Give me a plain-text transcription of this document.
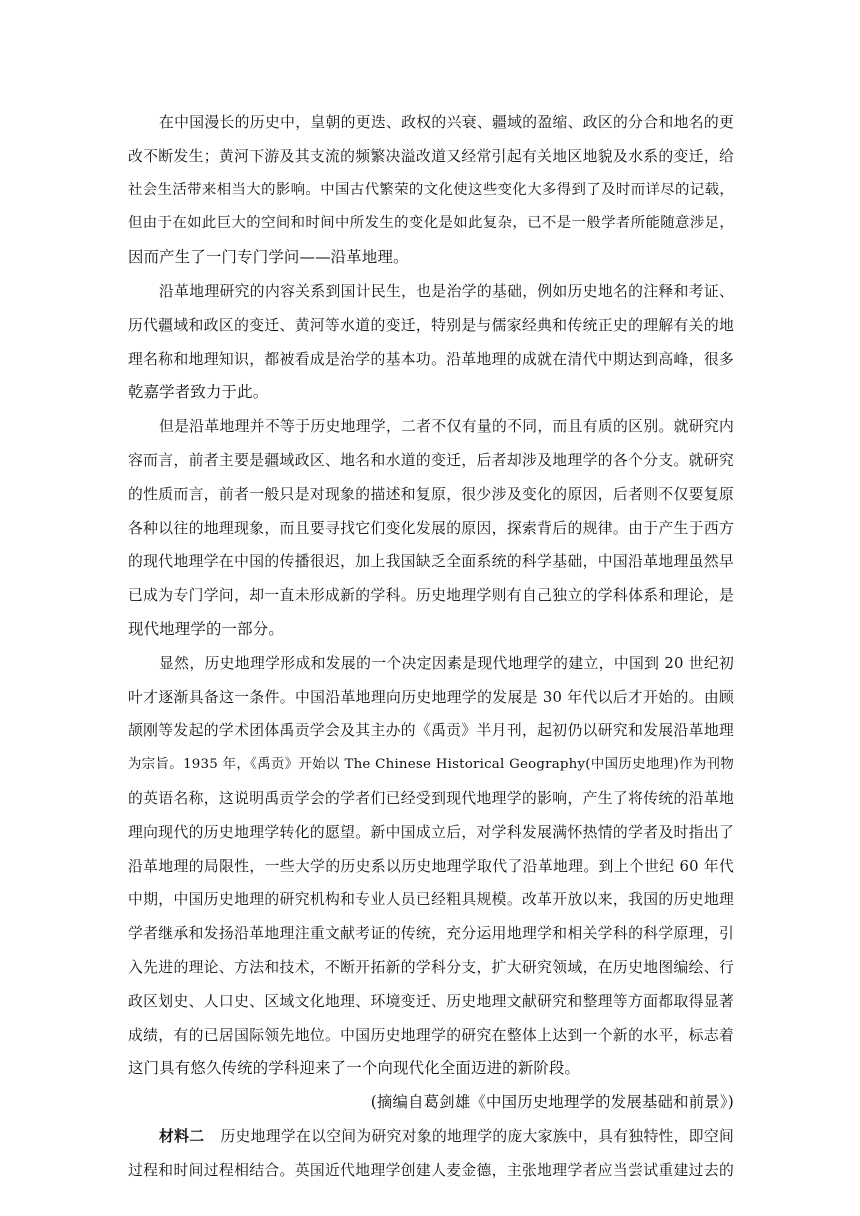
在中国漫长的历史中，皇朝的更迭、政权的兴衰、疆域的盈缩、政区的分合和地名的更
改不断发生；黄河下游及其支流的频繁决溢改道又经常引起有关地区地貌及水系的变迁，给
社会生活带来相当大的影响。中国古代繁荣的文化使这些变化大多得到了及时而详尽的记载，
但由于在如此巨大的空间和时间中所发生的变化是如此复杂，已不是一般学者所能随意涉足，
因而产生了一门专门学问——沿革地理。
沿革地理研究的内容关系到国计民生，也是治学的基础，例如历史地名的注释和考证、
历代疆域和政区的变迁、黄河等水道的变迁，特别是与儒家经典和传统正史的理解有关的地
理名称和地理知识，都被看成是治学的基本功。沿革地理的成就在清代中期达到高峰，很多
乾嘉学者致力于此。
但是沿革地理并不等于历史地理学，二者不仅有量的不同，而且有质的区别。就研究内
容而言，前者主要是疆域政区、地名和水道的变迁，后者却涉及地理学的各个分支。就研究
的性质而言，前者一般只是对现象的描述和复原，很少涉及变化的原因，后者则不仅要复原
各种以往的地理现象，而且要寻找它们变化发展的原因，探索背后的规律。由于产生于西方
的现代地理学在中国的传播很迟，加上我国缺乏全面系统的科学基础，中国沿革地理虽然早
已成为专门学问，却一直未形成新的学科。历史地理学则有自己独立的学科体系和理论，是
现代地理学的一部分。
显然，历史地理学形成和发展的一个决定因素是现代地理学的建立，中国到 20 世纪初
叶才逐渐具备这一条件。中国沿革地理向历史地理学的发展是 30 年代以后才开始的。由顾
颉刚等发起的学术团体禹贡学会及其主办的《禹贡》半月刊，起初仍以研究和发展沿革地理
为宗旨。1935 年，《禹贡》开始以 The Chinese Historical Geography(中国历史地理)作为刊物
的英语名称，这说明禹贡学会的学者们已经受到现代地理学的影响，产生了将传统的沿革地
理向现代的历史地理学转化的愿望。新中国成立后，对学科发展满怀热情的学者及时指出了
沿革地理的局限性，一些大学的历史系以历史地理学取代了沿革地理。到上个世纪 60 年代
中期，中国历史地理的研究机构和专业人员已经粗具规模。改革开放以来，我国的历史地理
学者继承和发扬沿革地理注重文献考证的传统，充分运用地理学和相关学科的科学原理，引
入先进的理论、方法和技术，不断开拓新的学科分支，扩大研究领域，在历史地图编绘、行
政区划史、人口史、区域文化地理、环境变迁、历史地理文献研究和整理等方面都取得显著
成绩，有的已居国际领先地位。中国历史地理学的研究在整体上达到一个新的水平，标志着
这门具有悠久传统的学科迎来了一个向现代化全面迈进的新阶段。
(摘编自葛剑雄《中国历史地理学的发展基础和前景》)
材料二 历史地理学在以空间为研究对象的地理学的庞大家族中，具有独特性，即空间
过程和时间过程相结合。英国近代地理学创建人麦金德，主张地理学者应当尝试重建过去的
